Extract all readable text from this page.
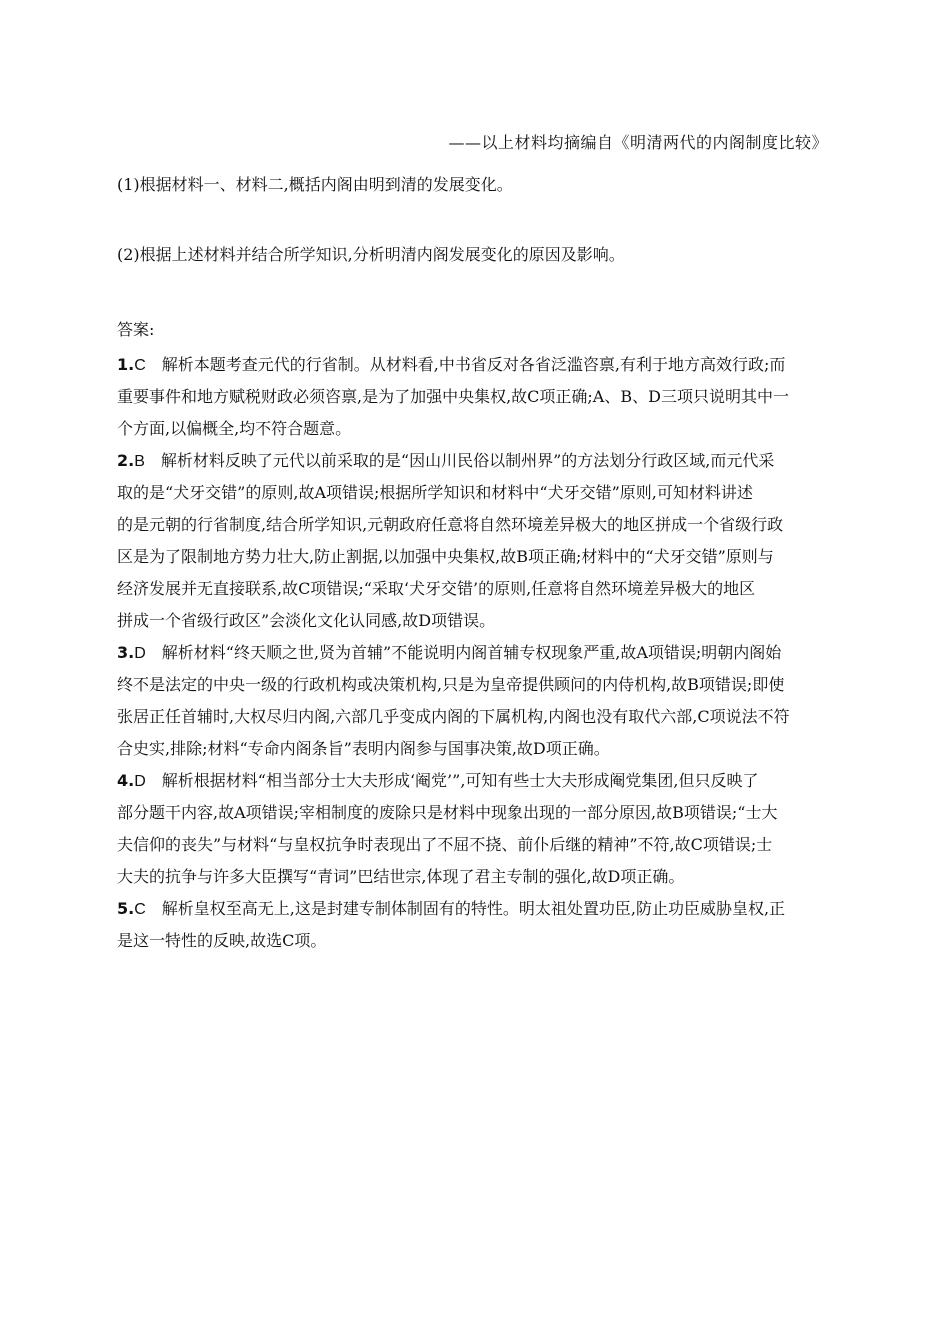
——以上材料均摘编自《明清两代的内阁制度比较》
(1)根据材料一、材料二,概括内阁由明到清的发展变化。
(2)根据上述材料并结合所学知识,分析明清内阁发展变化的原因及影响。
答案:
1.C 解析本题考查元代的行省制。从材料看,中书省反对各省泛滥咨禀,有利于地方高效行政;而
重要事件和地方赋税财政必须咨禀,是为了加强中央集权,故C项正确;A、B、D三项只说明其中一
个方面,以偏概全,均不符合题意。
2.B 解析材料反映了元代以前采取的是“因山川民俗以制州界”的方法划分行政区域,而元代采
取的是“犬牙交错”的原则,故A项错误;根据所学知识和材料中“犬牙交错”原则,可知材料讲述
的是元朝的行省制度,结合所学知识,元朝政府任意将自然环境差异极大的地区拼成一个省级行政
区是为了限制地方势力壮大,防止割据,以加强中央集权,故B项正确;材料中的“犬牙交错”原则与
经济发展并无直接联系,故C项错误;“采取‘犬牙交错’的原则,任意将自然环境差异极大的地区
拼成一个省级行政区”会淡化文化认同感,故D项错误。
3.D 解析材料“终天顺之世,贤为首辅”不能说明内阁首辅专权现象严重,故A项错误;明朝内阁始
终不是法定的中央一级的行政机构或决策机构,只是为皇帝提供顾问的内侍机构,故B项错误;即使
张居正任首辅时,大权尽归内阁,六部几乎变成内阁的下属机构,内阁也没有取代六部,C项说法不符
合史实,排除;材料“专命内阁条旨”表明内阁参与国事决策,故D项正确。
4.D 解析根据材料“相当部分士大夫形成‘阉党’”,可知有些士大夫形成阉党集团,但只反映了
部分题干内容,故A项错误;宰相制度的废除只是材料中现象出现的一部分原因,故B项错误;“士大
夫信仰的丧失”与材料“与皇权抗争时表现出了不屈不挠、前仆后继的精神”不符,故C项错误;士
大夫的抗争与许多大臣撰写“青词”巴结世宗,体现了君主专制的强化,故D项正确。
5.C 解析皇权至高无上,这是封建专制体制固有的特性。明太祖处置功臣,防止功臣威胁皇权,正
是这一特性的反映,故选C项。
